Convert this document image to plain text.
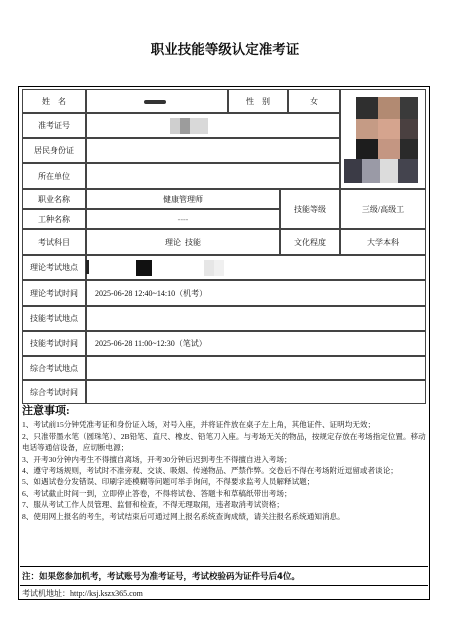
职业技能等级认定准考证
姓    名	性    别	女
准考证号
居民身份证
所在单位
职业名称	健康管理师
工种名称	----
技能等级	三级/高级工
考试科目	理论  技能	文化程度	大学本科
理论考试地点
理论考试时间	2025-06-28 12:40~14:10（机考）
技能考试地点
技能考试时间	2025-06-28 11:00~12:30（笔试）
综合考试地点
综合考试时间
注意事项:

1、考试前15分钟凭准考证和身份证入场，对号入座，并将证件放在桌子左上角，其他证件、证明均无效；

2、只准带墨水笔（圆珠笔）、2B铅笔、直尺、橡皮、铅笔刀入座。与考场无关的物品，按规定存放在考场指定位置。移动电话等通信设备，应切断电源；

3、开考30分钟内考生不得擅自离场，开考30分钟后迟到考生不得擅自进入考场；

4、遵守考场规则，考试时不准旁观、交谈、吸烟、传递物品、严禁作弊。交卷后不得在考场附近逗留或者谈论；

5、如遇试卷分发错误、印刷字迹模糊等问题可举手询问，不得要求监考人员解释试题；

6、考试截止时间一到，立即停止答卷，不得将试卷、答题卡和草稿纸带出考场；

7、服从考试工作人员管理、监督和检查，不得无理取闹，违者取消考试资格；

8、使用网上报名的考生，考试结束后可通过网上报名系统查询成绩，请关注报名系统通知消息。

注：如果您参加机考，考试账号为准考证号，考试校验码为证件号后4位。
考试机地址：http://ksj.kszx365.com
